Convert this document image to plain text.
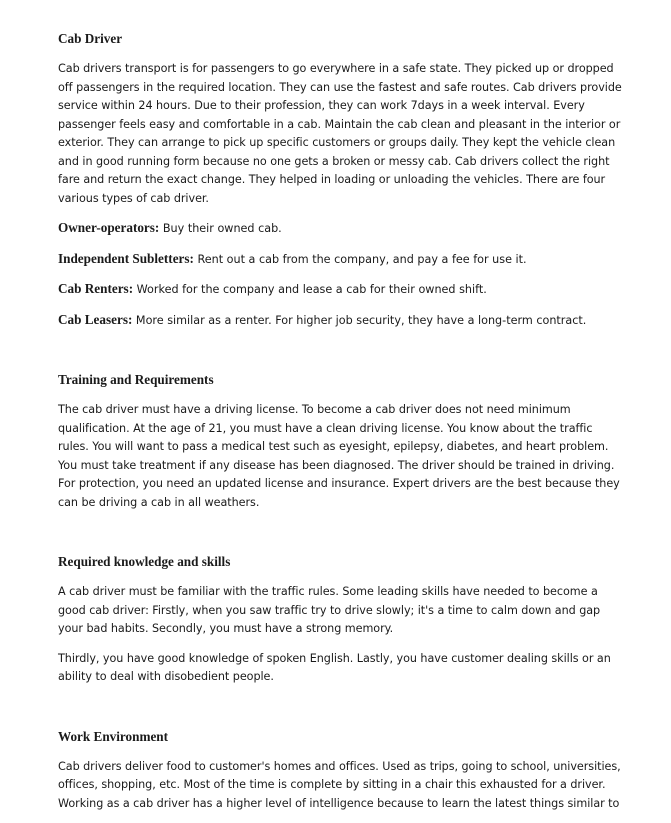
Cab Driver

Cab drivers transport is for passengers to go everywhere in a safe state. They picked up or dropped off passengers in the required location. They can use the fastest and safe routes. Cab drivers provide service within 24 hours. Due to their profession, they can work 7days in a week interval. Every passenger feels easy and comfortable in a cab. Maintain the cab clean and pleasant in the interior or exterior. They can arrange to pick up specific customers or groups daily. They kept the vehicle clean and in good running form because no one gets a broken or messy cab. Cab drivers collect the right fare and return the exact change. They helped in loading or unloading the vehicles. There are four various types of cab driver.

Owner-operators: Buy their owned cab.

Independent Subletters: Rent out a cab from the company, and pay a fee for use it.

Cab Renters: Worked for the company and lease a cab for their owned shift.

Cab Leasers: More similar as a renter. For higher job security, they have a long-term contract.

Training and Requirements

The cab driver must have a driving license. To become a cab driver does not need minimum qualification. At the age of 21, you must have a clean driving license. You know about the traffic rules. You will want to pass a medical test such as eyesight, epilepsy, diabetes, and heart problem. You must take treatment if any disease has been diagnosed. The driver should be trained in driving. For protection, you need an updated license and insurance. Expert drivers are the best because they can be driving a cab in all weathers.

Required knowledge and skills

A cab driver must be familiar with the traffic rules. Some leading skills have needed to become a good cab driver: Firstly, when you saw traffic try to drive slowly; it's a time to calm down and gap your bad habits. Secondly, you must have a strong memory.

Thirdly, you have good knowledge of spoken English. Lastly, you have customer dealing skills or an ability to deal with disobedient people.

Work Environment

Cab drivers deliver food to customer's homes and offices. Used as trips, going to school, universities, offices, shopping, etc. Most of the time is complete by sitting in a chair this exhausted for a driver. Working as a cab driver has a higher level of intelligence because to learn the latest things similar to
